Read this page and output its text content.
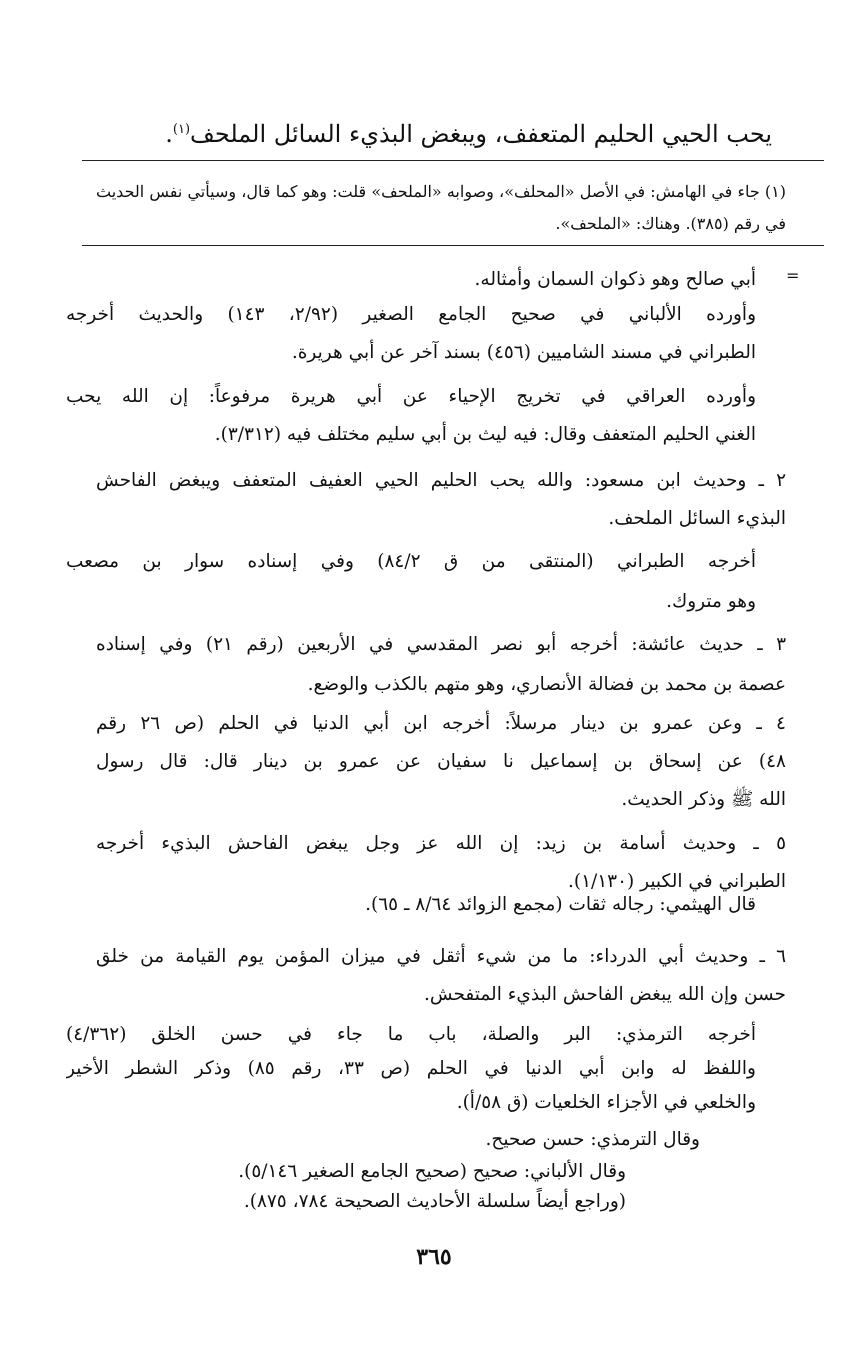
يحب الحيي الحليم المتعفف، ويبغض البذيء السائل الملحف$^{(١)}$.
(١) جاء في الهامش: في الأصل «المحلف»، وصوابه «الملحف» قلت: وهو كما قال، وسيأتي نفس الحديث في رقم (٣٨٥). وهناك: «الملحف».
=
أبي صالح وهو ذكوان السمان وأمثاله.
وأورده الألباني في صحيح الجامع الصغير (٢/٩٢، ١٤٣) والحديث أخرجه
الطبراني في مسند الشاميين (٤٥٦) بسند آخر عن أبي هريرة.
وأورده العراقي في تخريج الإحياء عن أبي هريرة مرفوعاً: إن الله يحب
الغني الحليم المتعفف وقال: فيه ليث بن أبي سليم مختلف فيه (٣/٣١٢).
٢ ـ وحديث ابن مسعود: والله يحب الحليم الحيي العفيف المتعفف ويبغض الفاحش
البذيء السائل الملحف.
أخرجه الطبراني (المنتقى من ق ٨٤/٢) وفي إسناده سوار بن مصعب
وهو متروك.
٣ ـ حديث عائشة: أخرجه أبو نصر المقدسي في الأربعين (رقم ٢١) وفي إسناده
عصمة بن محمد بن فضالة الأنصاري، وهو متهم بالكذب والوضع.
٤ ـ وعن عمرو بن دينار مرسلاً: أخرجه ابن أبي الدنيا في الحلم (ص ٢٦ رقم
٤٨) عن إسحاق بن إسماعيل نا سفيان عن عمرو بن دينار قال: قال رسول
الله ﷺ وذكر الحديث.
٥ ـ وحديث أسامة بن زيد: إن الله عز وجل يبغض الفاحش البذيء أخرجه
الطبراني في الكبير (١/١٣٠).
قال الهيثمي: رجاله ثقات (مجمع الزوائد ٨/٦٤ ـ ٦٥).
٦ ـ وحديث أبي الدرداء: ما من شيء أثقل في ميزان المؤمن يوم القيامة من خلق
حسن وإن الله يبغض الفاحش البذيء المتفحش.
أخرجه الترمذي: البر والصلة، باب ما جاء في حسن الخلق (٤/٣٦٢)
واللفظ له وابن أبي الدنيا في الحلم (ص ٣٣، رقم ٨٥) وذكر الشطر الأخير
والخلعي في الأجزاء الخلعيات (ق ٥٨/أ).
وقال الترمذي: حسن صحيح.
وقال الألباني: صحيح (صحيح الجامع الصغير ٥/١٤٦).
(وراجع أيضاً سلسلة الأحاديث الصحيحة ٧٨٤، ٨٧٥).
٣٦٥
